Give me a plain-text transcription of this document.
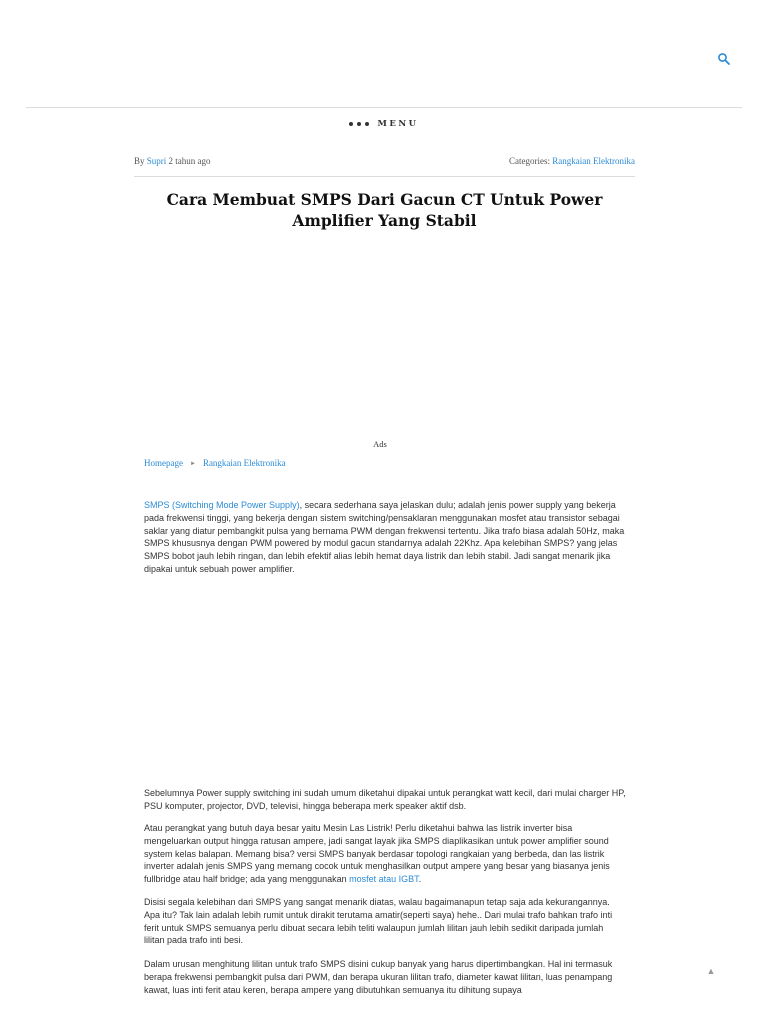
MENU
By Supri 2 tahun ago	Categories: Rangkaian Elektronika
Cara Membuat SMPS Dari Gacun CT Untuk Power Amplifier Yang Stabil
Ads
Homepage ► Rangkaian Elektronika

SMPS (Switching Mode Power Supply), secara sederhana saya jelaskan dulu; adalah jenis power supply yang bekerja pada frekwensi tinggi, yang bekerja dengan sistem switching/pensaklaran menggunakan mosfet atau transistor sebagai saklar yang diatur pembangkit pulsa yang bernama PWM dengan frekwensi tertentu. Jika trafo biasa adalah 50Hz, maka SMPS khususnya dengan PWM powered by modul gacun standarnya adalah 22Khz. Apa kelebihan SMPS? yang jelas SMPS bobot jauh lebih ringan, dan lebih efektif alias lebih hemat daya listrik dan lebih stabil. Jadi sangat menarik jika dipakai untuk sebuah power amplifier.

Sebelumnya Power supply switching ini sudah umum diketahui dipakai untuk perangkat watt kecil, dari mulai charger HP, PSU komputer, projector, DVD, televisi, hingga beberapa merk speaker aktif dsb.

Atau perangkat yang butuh daya besar yaitu Mesin Las Listrik! Perlu diketahui bahwa las listrik inverter bisa mengeluarkan output hingga ratusan ampere, jadi sangat layak jika SMPS diaplikasikan untuk power amplifier sound system kelas balapan. Memang bisa? versi SMPS banyak berdasar topologi rangkaian yang berbeda, dan las listrik inverter adalah jenis SMPS yang memang cocok untuk menghasilkan output ampere yang besar yang biasanya jenis fullbridge atau half bridge; ada yang menggunakan mosfet atau IGBT.

Disisi segala kelebihan dari SMPS yang sangat menarik diatas, walau bagaimanapun tetap saja ada kekurangannya. Apa itu? Tak lain adalah lebih rumit untuk dirakit terutama amatir(seperti saya) hehe.. Dari mulai trafo bahkan trafo inti ferit untuk SMPS semuanya perlu dibuat secara lebih teliti walaupun jumlah lilitan jauh lebih sedikit daripada jumlah lilitan pada trafo inti besi.

Dalam urusan menghitung lilitan untuk trafo SMPS disini cukup banyak yang harus dipertimbangkan. Hal ini termasuk berapa frekwensi pembangkit pulsa dari PWM, dan berapa ukuran lilitan trafo, diameter kawat lilitan, luas penampang kawat, luas inti ferit atau keren, berapa ampere yang dibutuhkan semuanya itu dihitung supaya

▲
